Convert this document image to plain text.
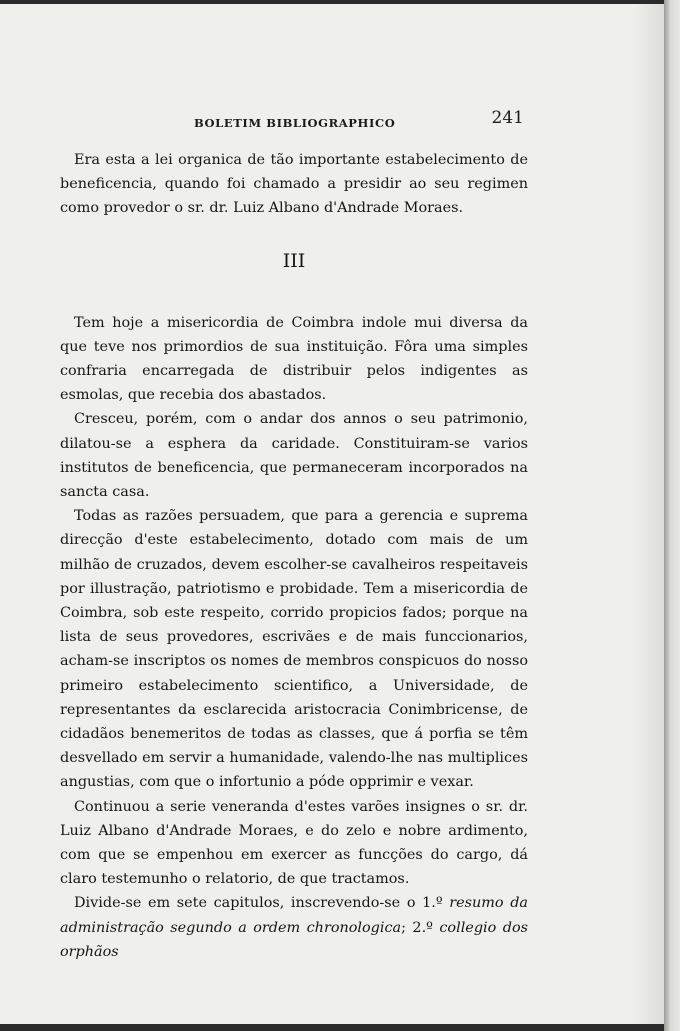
BOLETIM BIBLIOGRAPHICO	241

Era esta a lei organica de tão importante estabelecimento de beneficencia, quando foi chamado a presidir ao seu regimen como provedor o sr. dr. Luiz Albano d'Andrade Moraes.

III

Tem hoje a misericordia de Coimbra indole mui diversa da que teve nos primordios de sua instituição. Fôra uma simples confraria encarregada de distribuir pelos indigentes as esmolas, que recebia dos abastados.

Cresceu, porém, com o andar dos annos o seu patrimonio, dilatou-se a esphera da caridade. Constituiram-se varios institutos de beneficencia, que permaneceram incorporados na sancta casa.

Todas as razões persuadem, que para a gerencia e suprema direcção d'este estabelecimento, dotado com mais de um milhão de cruzados, devem escolher-se cavalheiros respeitaveis por illustração, patriotismo e probidade. Tem a misericordia de Coimbra, sob este respeito, corrido propicios fados; porque na lista de seus provedores, escrivães e de mais funccionarios, acham-se inscriptos os nomes de membros conspicuos do nosso primeiro estabelecimento scientifico, a Universidade, de representantes da esclarecida aristocracia Conimbricense, de cidadãos benemeritos de todas as classes, que á porfia se têm desvellado em servir a humanidade, valendo-lhe nas multiplices angustias, com que o infortunio a póde opprimir e vexar.

Continuou a serie veneranda d'estes varões insignes o sr. dr. Luiz Albano d'Andrade Moraes, e do zelo e nobre ardimento, com que se empenhou em exercer as funcções do cargo, dá claro testemunho o relatorio, de que tractamos.

Divide-se em sete capitulos, inscrevendo-se o 1.º resumo da administração segundo a ordem chronologica; 2.º collegio dos orphãos
